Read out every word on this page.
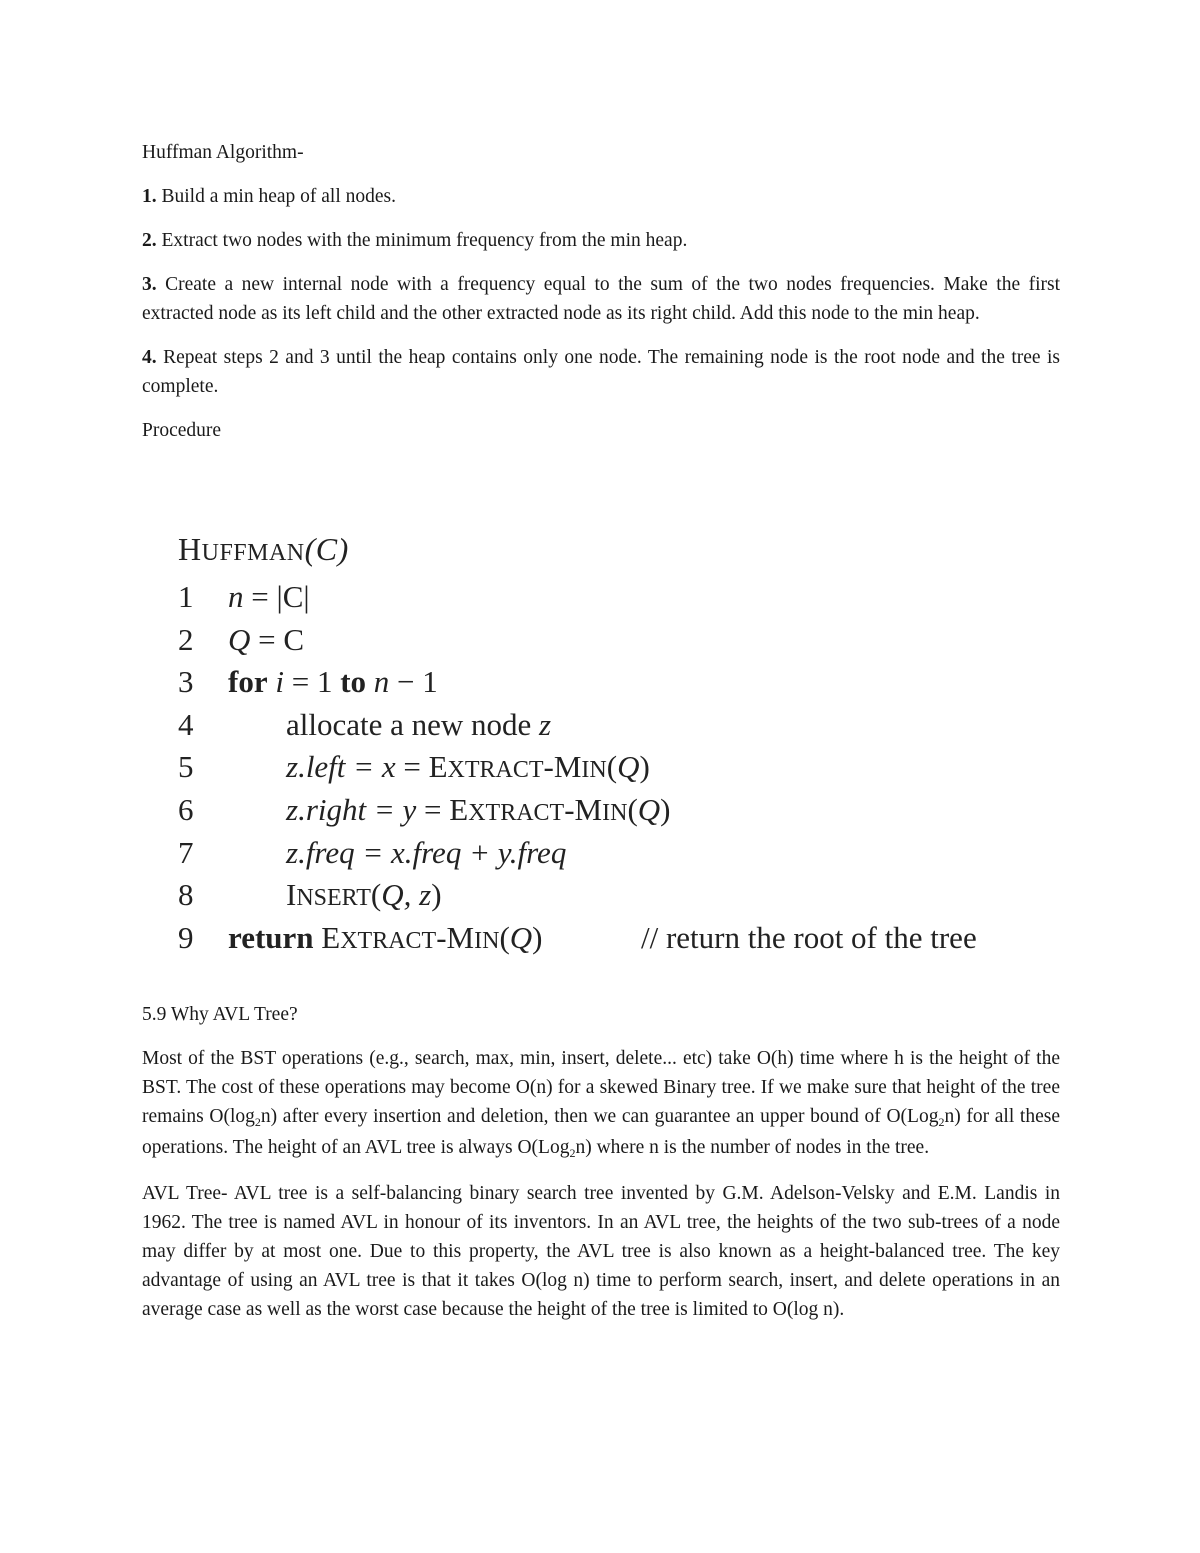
Huffman Algorithm-

1. Build a min heap of all nodes.

2. Extract two nodes with the minimum frequency from the min heap.

3. Create a new internal node with a frequency equal to the sum of the two nodes frequencies. Make the first extracted node as its left child and the other extracted node as its right child. Add this node to the min heap.

4. Repeat steps 2 and 3 until the heap contains only one node. The remaining node is the root node and the tree is complete.

Procedure

HUFFMAN(C)
1	n = |C|
2	Q = C
3	for i = 1 to n − 1
4	allocate a new node z
5	z.left = x = EXTRACT-MIN(Q)
6	z.right = y = EXTRACT-MIN(Q)
7	z.freq = x.freq + y.freq
8	INSERT(Q, z)
9	return EXTRACT-MIN(Q)	// return the root of the tree

5.9 Why AVL Tree?

Most of the BST operations (e.g., search, max, min, insert, delete... etc) take O(h) time where h is the height of the BST. The cost of these operations may become O(n) for a skewed Binary tree. If we make sure that height of the tree remains $O(\log_2n)$ after every insertion and deletion, then we can guarantee an upper bound of O(Log$_2$n) for all these operations. The height of an AVL tree is always O(Log$_2$n) where n is the number of nodes in the tree.

AVL Tree- AVL tree is a self-balancing binary search tree invented by G.M. Adelson-Velsky and E.M. Landis in 1962. The tree is named AVL in honour of its inventors. In an AVL tree, the heights of the two sub-trees of a node may differ by at most one. Due to this property, the AVL tree is also known as a height-balanced tree. The key advantage of using an AVL tree is that it takes O(log n) time to perform search, insert, and delete operations in an average case as well as the worst case because the height of the tree is limited to O(log n).
